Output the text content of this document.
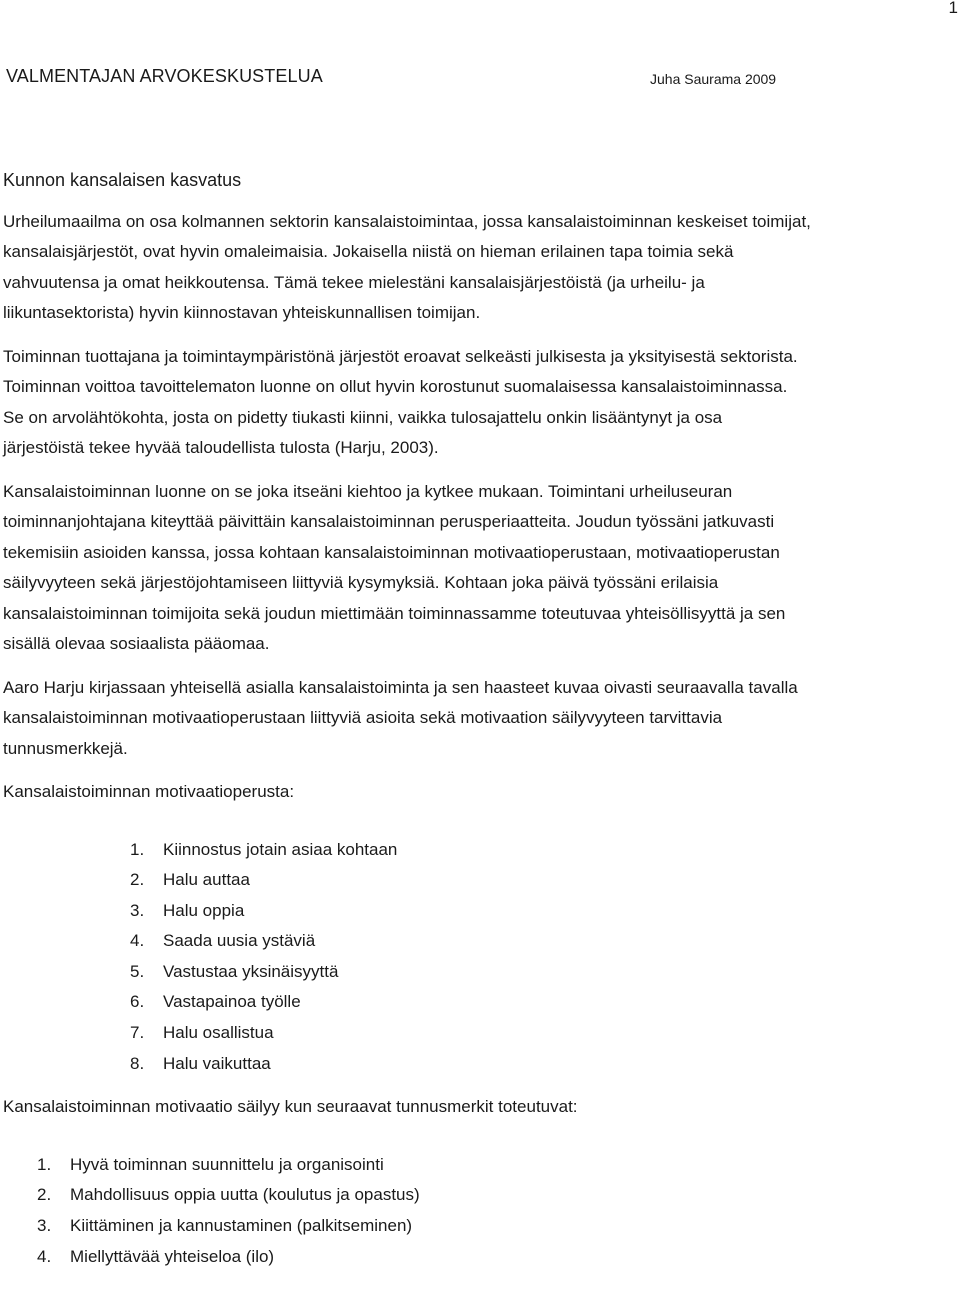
1
VALMENTAJAN ARVOKESKUSTELUA	Juha Saurama 2009

Kunnon kansalaisen kasvatus

Urheilumaailma on osa kolmannen sektorin kansalaistoimintaa, jossa kansalaistoiminnan keskeiset toimijat,

kansalaisjärjestöt, ovat hyvin omaleimaisia. Jokaisella niistä on hieman erilainen tapa toimia sekä

vahvuutensa ja omat heikkoutensa. Tämä tekee mielestäni kansalaisjärjestöistä (ja urheilu- ja

liikuntasektorista) hyvin kiinnostavan yhteiskunnallisen toimijan.

Toiminnan tuottajana ja toimintaympäristönä järjestöt eroavat selkeästi julkisesta ja yksityisestä sektorista.

Toiminnan voittoa tavoittelematon luonne on ollut hyvin korostunut suomalaisessa kansalaistoiminnassa.

Se on arvolähtökohta, josta on pidetty tiukasti kiinni, vaikka tulosajattelu onkin lisääntynyt ja osa

järjestöistä tekee hyvää taloudellista tulosta (Harju, 2003).

Kansalaistoiminnan luonne on se joka itseäni kiehtoo ja kytkee mukaan. Toimintani urheiluseuran

toiminnanjohtajana kiteyttää päivittäin kansalaistoiminnan perusperiaatteita. Joudun työssäni jatkuvasti

tekemisiin asioiden kanssa, jossa kohtaan kansalaistoiminnan motivaatioperustaan, motivaatioperustan

säilyvyyteen sekä järjestöjohtamiseen liittyviä kysymyksiä. Kohtaan joka päivä työssäni erilaisia

kansalaistoiminnan toimijoita sekä joudun miettimään toiminnassamme toteutuvaa yhteisöllisyyttä ja sen

sisällä olevaa sosiaalista pääomaa.

Aaro Harju kirjassaan yhteisellä asialla kansalaistoiminta ja sen haasteet kuvaa oivasti seuraavalla tavalla

kansalaistoiminnan motivaatioperustaan liittyviä asioita sekä motivaation säilyvyyteen tarvittavia

tunnusmerkkejä.

Kansalaistoiminnan motivaatioperusta:

1. Kiinnostus jotain asiaa kohtaan
2. Halu auttaa
3. Halu oppia
4. Saada uusia ystäviä
5. Vastustaa yksinäisyyttä
6. Vastapainoa työlle
7. Halu osallistua
8. Halu vaikuttaa

Kansalaistoiminnan motivaatio säilyy kun seuraavat tunnusmerkit toteutuvat:

1. Hyvä toiminnan suunnittelu ja organisointi
2. Mahdollisuus oppia uutta (koulutus ja opastus)
3. Kiittäminen ja kannustaminen (palkitseminen)
4. Miellyttävää yhteiseloa (ilo)
